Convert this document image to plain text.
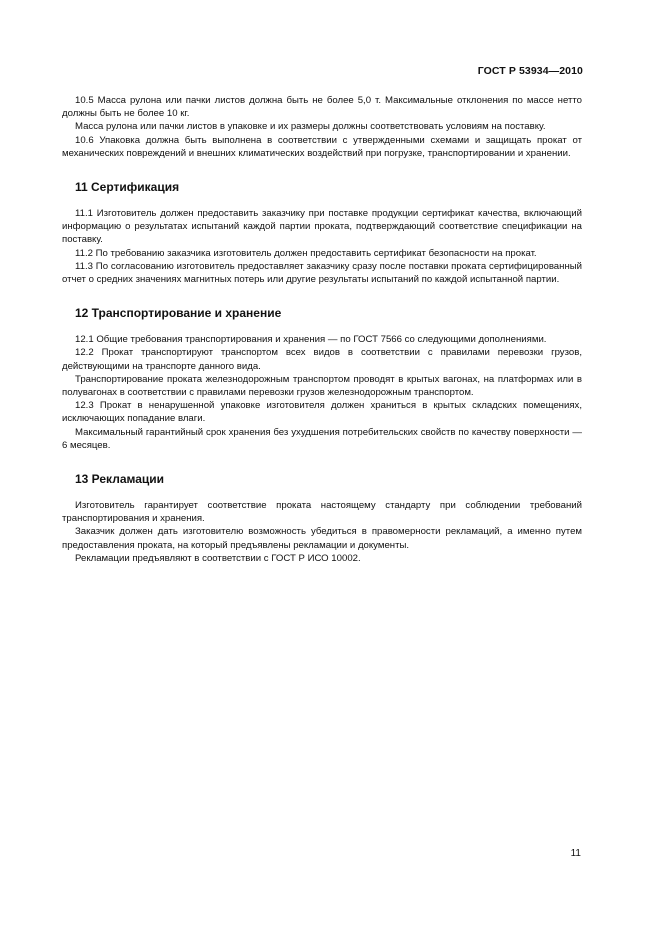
ГОСТ Р 53934—2010

10.5 Масса рулона или пачки листов должна быть не более 5,0 т. Максимальные отклонения по массе нетто должны быть не более 10 кг.

Масса рулона или пачки листов в упаковке и их размеры должны соответствовать условиям на поставку.

10.6 Упаковка должна быть выполнена в соответствии с утвержденными схемами и защищать прокат от механических повреждений и внешних климатических воздействий при погрузке, транспортировании и хранении.

11 Сертификация

11.1 Изготовитель должен предоставить заказчику при поставке продукции сертификат качества, включающий информацию о результатах испытаний каждой партии проката, подтверждающий соответствие спецификации на поставку.

11.2 По требованию заказчика изготовитель должен предоставить сертификат безопасности на прокат.

11.3 По согласованию изготовитель предоставляет заказчику сразу после поставки проката сертифицированный отчет о средних значениях магнитных потерь или другие результаты испытаний по каждой испытанной партии.

12 Транспортирование и хранение

12.1 Общие требования транспортирования и хранения — по ГОСТ 7566 со следующими дополнениями.

12.2 Прокат транспортируют транспортом всех видов в соответствии с правилами перевозки грузов, действующими на транспорте данного вида.

Транспортирование проката железнодорожным транспортом проводят в крытых вагонах, на платформах или в полувагонах в соответствии с правилами перевозки грузов железнодорожным транспортом.

12.3 Прокат в ненарушенной упаковке изготовителя должен храниться в крытых складских помещениях, исключающих попадание влаги.

Максимальный гарантийный срок хранения без ухудшения потребительских свойств по качеству поверхности — 6 месяцев.

13 Рекламации

Изготовитель гарантирует соответствие проката настоящему стандарту при соблюдении требований транспортирования и хранения.

Заказчик должен дать изготовителю возможность убедиться в правомерности рекламаций, а именно путем предоставления проката, на который предъявлены рекламации и документы.

Рекламации предъявляют в соответствии с ГОСТ Р ИСО 10002.

11
